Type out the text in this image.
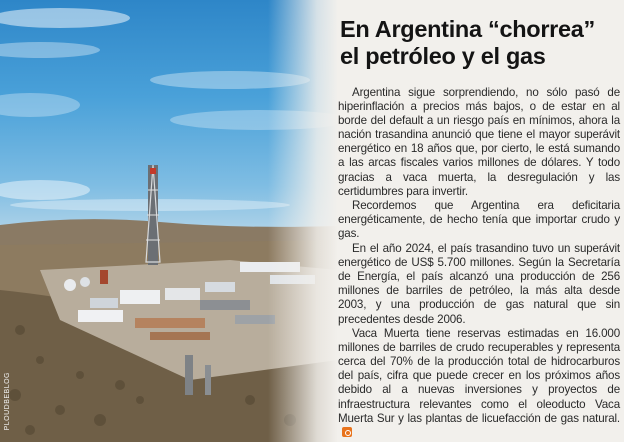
PLOUDBEBLOG
En Argentina “chorrea”
el petróleo y el gas

Argentina sigue sorprendiendo, no sólo pasó de hiperinflación a precios más bajos, o de estar en al borde del default a un riesgo país en mínimos, ahora la nación trasandina anunció que tiene el mayor superávit energético en 18 años que, por cierto, le está sumando a las arcas fiscales varios millones de dólares. Y todo gracias a vaca muerta, la desregulación y las certidumbres para invertir.

Recordemos que Argentina era deficitaria energéticamente, de hecho tenía que importar crudo y gas.

En el año 2024, el país trasandino tuvo un superávit energético de US$ 5.700 millones. Según la Secretaría de Energía, el país alcanzó una producción de 256 millones de barriles de petróleo, la más alta desde 2003, y una producción de gas natural que sin precedentes desde 2006.

Vaca Muerta tiene reservas estimadas en 16.000 millones de barriles de crudo recuperables y representa cerca del 70% de la producción total de hidrocarburos del país, cifra que puede crecer en los próximos años debido al a nuevas inversiones y proyectos de infraestructura relevantes como el oleoducto Vaca Muerta Sur y las plantas de licuefacción de gas natural.
